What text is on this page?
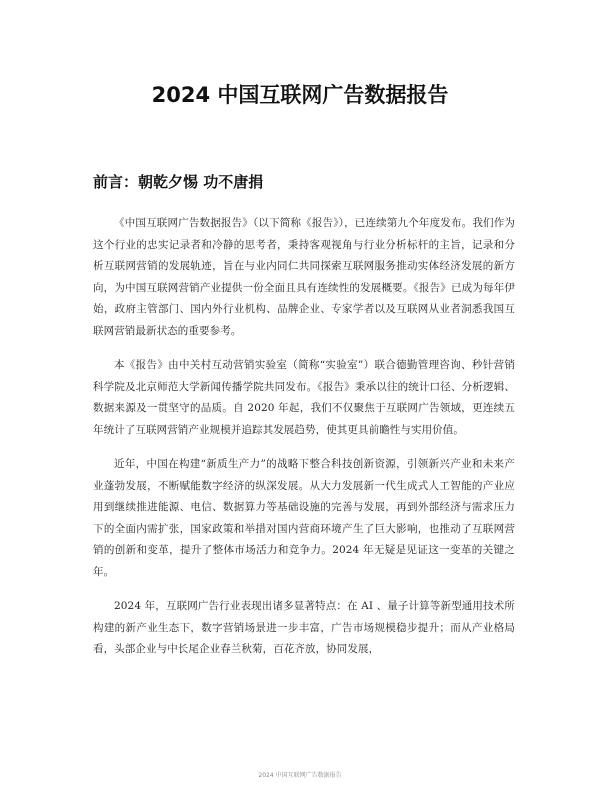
2024 中国互联网广告数据报告
前言：朝乾夕惕 功不唐捐

《中国互联网广告数据报告》（以下简称《报告》），已连续第九个年度发布。我们作为这个行业的忠实记录者和冷静的思考者，秉持客观视角与行业分析标杆的主旨，记录和分析互联网营销的发展轨迹，旨在与业内同仁共同探索互联网服务推动实体经济发展的新方向，为中国互联网营销产业提供一份全面且具有连续性的发展概要。《报告》已成为每年伊始，政府主管部门、国内外行业机构、品牌企业、专家学者以及互联网从业者洞悉我国互联网营销最新状态的重要参考。

本《报告》由中关村互动营销实验室（简称“实验室”）联合德勤管理咨询、秒针营销科学院及北京师范大学新闻传播学院共同发布。《报告》秉承以往的统计口径、分析逻辑、数据来源及一贯坚守的品质。自 2020 年起，我们不仅聚焦于互联网广告领域，更连续五年统计了互联网营销产业规模并追踪其发展趋势，使其更具前瞻性与实用价值。

近年，中国在构建“新质生产力”的战略下整合科技创新资源，引领新兴产业和未来产业蓬勃发展，不断赋能数字经济的纵深发展。从大力发展新一代生成式人工智能的产业应用到继续推进能源、电信、数据算力等基础设施的完善与发展，再到外部经济与需求压力下的全面内需扩张，国家政策和举措对国内营商环境产生了巨大影响，也推动了互联网营销的创新和变革，提升了整体市场活力和竞争力。2024 年无疑是见证这一变革的关键之年。

2024 年，互联网广告行业表现出诸多显著特点：在 AI 、量子计算等新型通用技术所构建的新产业生态下，数字营销场景进一步丰富，广告市场规模稳步提升；而从产业格局看，头部企业与中长尾企业春兰秋菊，百花齐放，协同发展，

2024 中国互联网广告数据报告
